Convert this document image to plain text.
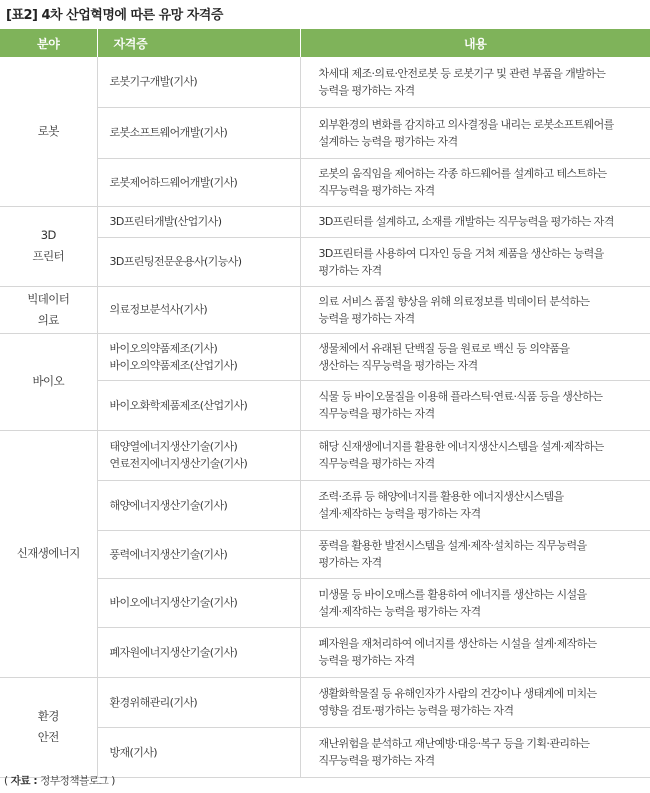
[표2] 4차 산업혁명에 따른 유망 자격증
분야	자격증	내용
로봇	로봇기구개발(기사)	차세대 제조·의료·안전로봇 등 로봇기구 및 관련 부품을 개발하는
능력을 평가하는 자격
	로봇소프트웨어개발(기사)	외부환경의 변화를 감지하고 의사결정을 내리는 로봇소프트웨어를
설계하는 능력을 평가하는 자격
	로봇제어하드웨어개발(기사)	로봇의 움직임을 제어하는 각종 하드웨어를 설계하고 테스트하는
직무능력을 평가하는 자격
3D
프린터	3D프린터개발(산업기사)	3D프린터를 설계하고, 소재를 개발하는 직무능력을 평가하는 자격
	3D프린팅전문운용사(기능사)	3D프린터를 사용하여 디자인 등을 거쳐 제품을 생산하는 능력을
평가하는 자격
빅데이터
의료	의료정보분석사(기사)	의료 서비스 품질 향상을 위해 의료정보를 빅데이터 분석하는
능력을 평가하는 자격
바이오	바이오의약품제조(기사)
바이오의약품제조(산업기사)	생물체에서 유래된 단백질 등을 원료로 백신 등 의약품을
생산하는 직무능력을 평가하는 자격
	바이오화학제품제조(산업기사)	식물 등 바이오물질을 이용해 플라스틱·연료·식품 등을 생산하는
직무능력을 평가하는 자격
신재생에너지	태양열에너지생산기술(기사)
연료전지에너지생산기술(기사)	해당 신재생에너지를 활용한 에너지생산시스템을 설계·제작하는
직무능력을 평가하는 자격
	해양에너지생산기술(기사)	조력·조류 등 해양에너지를 활용한 에너지생산시스템을
설계·제작하는 능력을 평가하는 자격
	풍력에너지생산기술(기사)	풍력을 활용한 발전시스템을 설계·제작·설치하는 직무능력을
평가하는 자격
	바이오에너지생산기술(기사)	미생물 등 바이오매스를 활용하여 에너지를 생산하는 시설을
설계·제작하는 능력을 평가하는 자격
	폐자원에너지생산기술(기사)	폐자원을 재처리하여 에너지를 생산하는 시설을 설계·제작하는
능력을 평가하는 자격
환경
안전	환경위해관리(기사)	생활화학물질 등 유해인자가 사람의 건강이나 생태계에 미치는
영향을 검토·평가하는 능력을 평가하는 자격
	방재(기사)	재난위험을 분석하고 재난예방·대응·복구 등을 기획·관리하는
직무능력을 평가하는 자격
( 자료 : 정부정책블로그 )
